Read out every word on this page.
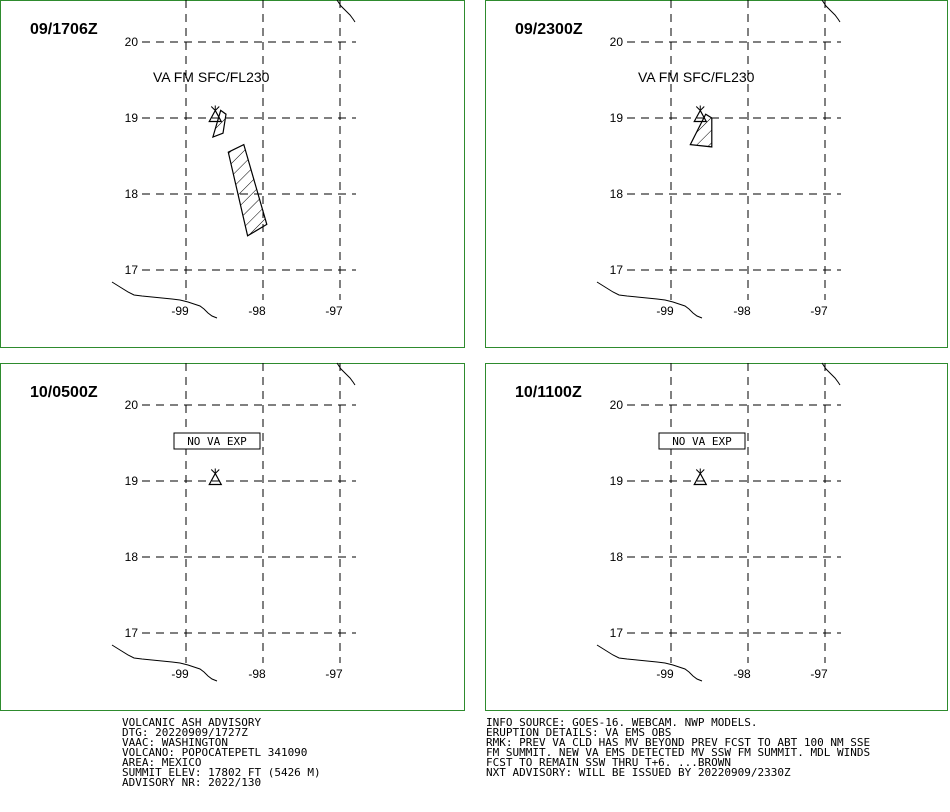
20
19
18
17
-99	-98	-97
09/1706Z
VA FM SFC/FL230
20
19
18
17
-99	-98	-97
09/2300Z
VA FM SFC/FL230
20
19
18
17
-99	-98	-97
10/0500Z
NO VA EXP
20
19
18
17
-99	-98	-97
10/1100Z
NO VA EXP
VOLCANIC ASH ADVISORY
DTG: 20220909/1727Z
VAAC: WASHINGTON
VOLCANO: POPOCATEPETL 341090
AREA: MEXICO
SUMMIT ELEV: 17802 FT (5426 M)
ADVISORY NR: 2022/130
INFO SOURCE: GOES-16. WEBCAM. NWP MODELS.
ERUPTION DETAILS: VA EMS OBS
RMK: PREV VA CLD HAS MV BEYOND PREV FCST TO ABT 100 NM SSE
FM SUMMIT. NEW VA EMS DETECTED MV SSW FM SUMMIT. MDL WINDS
FCST TO REMAIN SSW THRU T+6. ...BROWN
NXT ADVISORY: WILL BE ISSUED BY 20220909/2330Z
